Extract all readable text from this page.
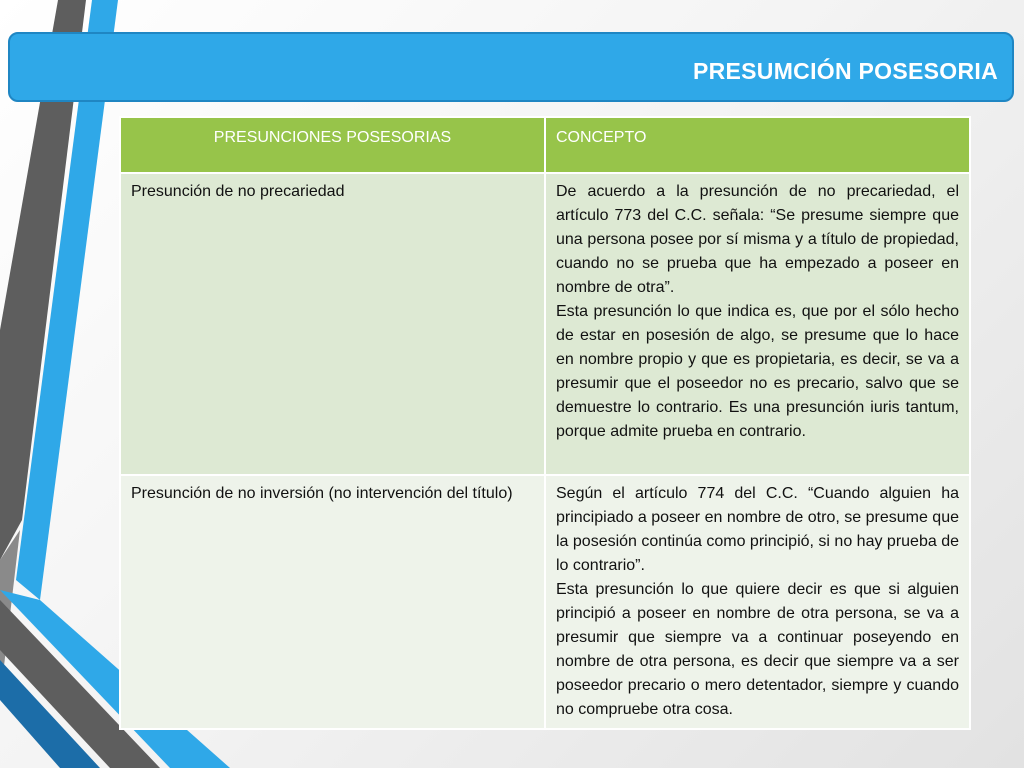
PRESUMCIÓN POSESORIA
PRESUNCIONES POSESORIAS	CONCEPTO
Presunción de no precariedad	De acuerdo a la presunción de no precariedad, el artículo 773 del C.C. señala: “Se presume siempre que una persona posee por sí misma y a título de propiedad, cuando no se prueba que ha empezado a poseer en nombre de otra”.

Esta presunción lo que indica es, que por el sólo hecho de estar en posesión de algo, se presume que lo hace en nombre propio y que es propietaria, es decir, se va a presumir que el poseedor no es precario, salvo que se demuestre lo contrario. Es una presunción iuris tantum, porque admite prueba en contrario.

Presunción de no inversión (no intervención del título)	Según el artículo 774 del C.C. “Cuando alguien ha principiado a poseer en nombre de otro, se presume que la posesión continúa como principió, si no hay prueba de lo contrario”.

Esta presunción lo que quiere decir es que si alguien principió a poseer en nombre de otra persona, se va a presumir que siempre va a continuar poseyendo en nombre de otra persona, es decir que siempre va a ser poseedor precario o mero detentador, siempre y cuando no compruebe otra cosa.
